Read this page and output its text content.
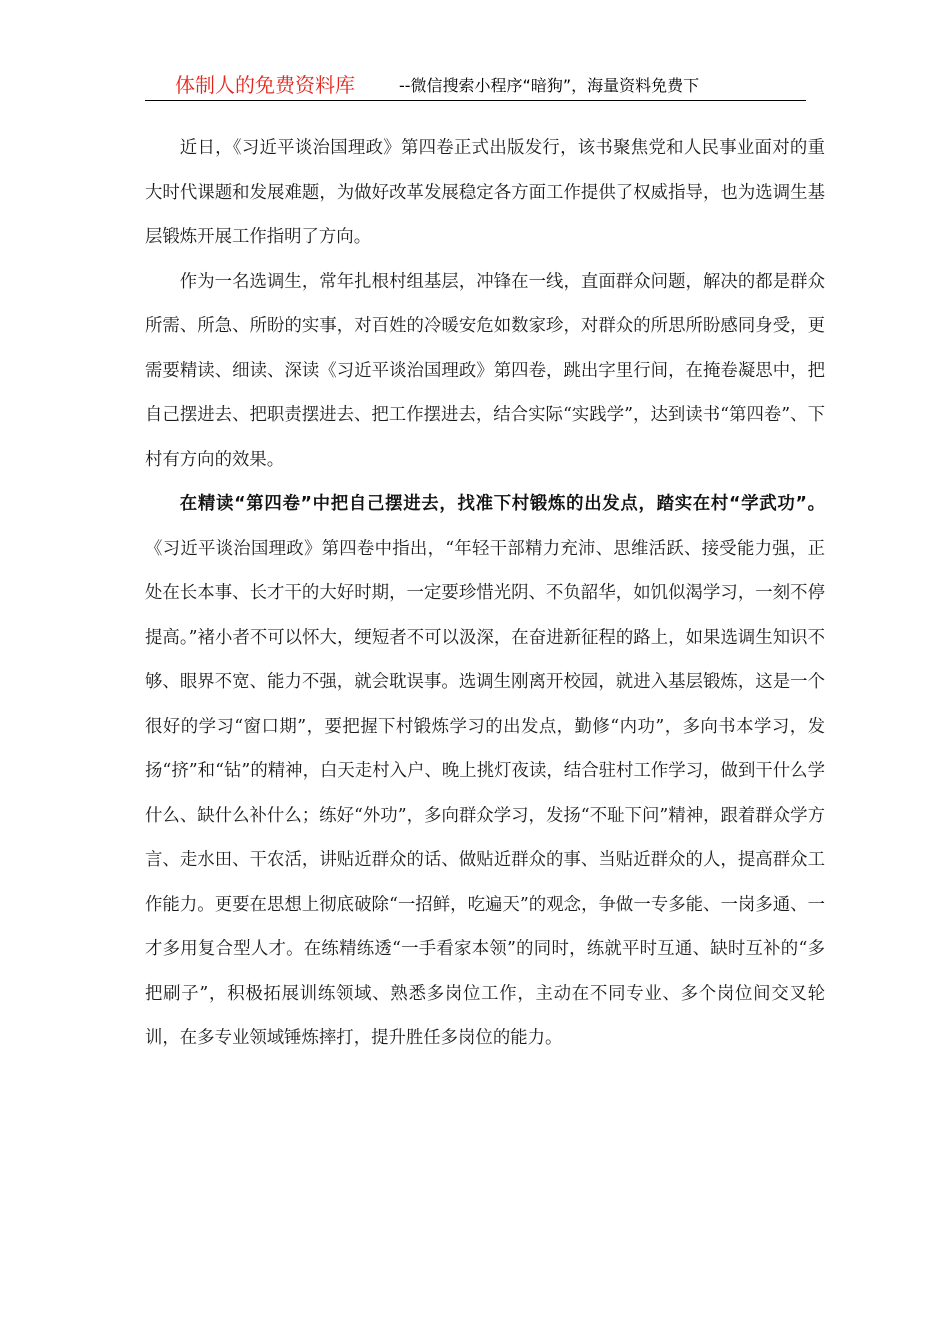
体制人的免费资料库	--微信搜索小程序“暗狗”，海量资料免费下

近日，《习近平谈治国理政》第四卷正式出版发行，该书聚焦党和人民事业面对的重大时代课题和发展难题，为做好改革发展稳定各方面工作提供了权威指导，也为选调生基层锻炼开展工作指明了方向。

作为一名选调生，常年扎根村组基层，冲锋在一线，直面群众问题，解决的都是群众所需、所急、所盼的实事，对百姓的冷暖安危如数家珍，对群众的所思所盼感同身受，更需要精读、细读、深读《习近平谈治国理政》第四卷，跳出字里行间，在掩卷凝思中，把自己摆进去、把职责摆进去、把工作摆进去，结合实际“实践学”，达到读书“第四卷”、下村有方向的效果。

在精读“第四卷”中把自己摆进去，找准下村锻炼的出发点，踏实在村“学武功”。《习近平谈治国理政》第四卷中指出，“年轻干部精力充沛、思维活跃、接受能力强，正处在长本事、长才干的大好时期，一定要珍惜光阴、不负韶华，如饥似渴学习，一刻不停提高。”褚小者不可以怀大，绠短者不可以汲深，在奋进新征程的路上，如果选调生知识不够、眼界不宽、能力不强，就会耽误事。选调生刚离开校园，就进入基层锻炼，这是一个很好的学习“窗口期”，要把握下村锻炼学习的出发点，勤修“内功”，多向书本学习，发扬“挤”和“钻”的精神，白天走村入户、晚上挑灯夜读，结合驻村工作学习，做到干什么学什么、缺什么补什么；练好“外功”，多向群众学习，发扬“不耻下问”精神，跟着群众学方言、走水田、干农活，讲贴近群众的话、做贴近群众的事、当贴近群众的人，提高群众工作能力。更要在思想上彻底破除“一招鲜，吃遍天”的观念，争做一专多能、一岗多通、一才多用复合型人才。在练精练透“一手看家本领”的同时，练就平时互通、缺时互补的“多把刷子”，积极拓展训练领域、熟悉多岗位工作，主动在不同专业、多个岗位间交叉轮训，在多专业领域锤炼摔打，提升胜任多岗位的能力。
